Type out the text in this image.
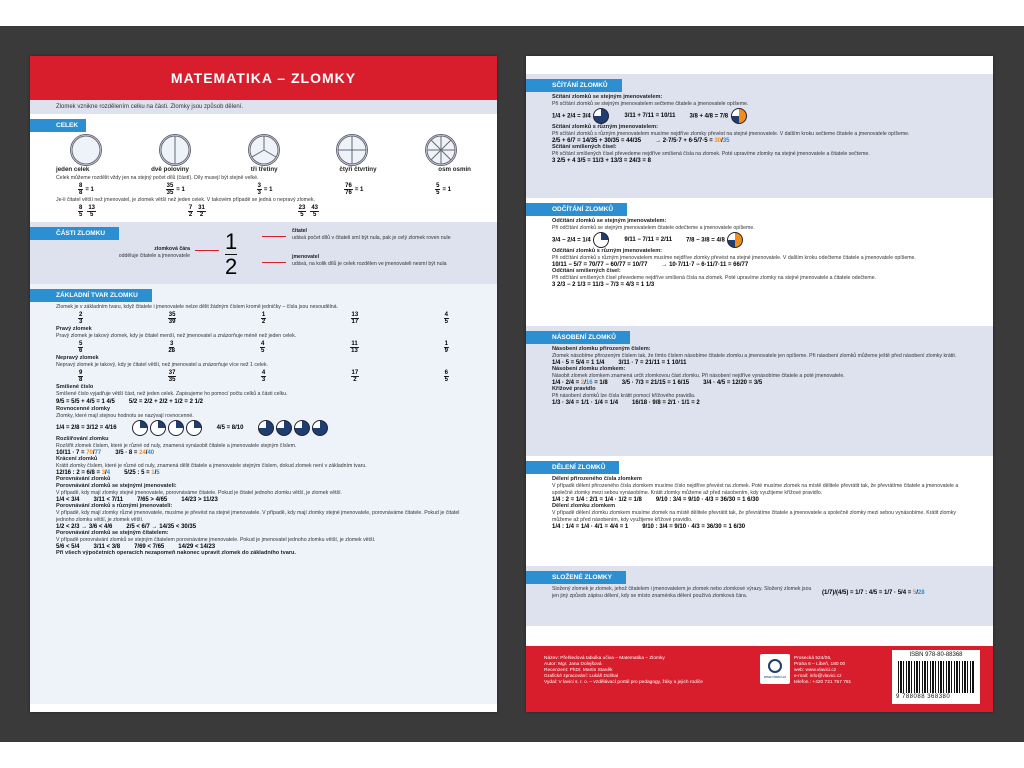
MATEMATIKA – ZLOMKY
Zlomek vznikne rozdělením celku na části. Zlomky jsou způsob dělení.
CELEK
jeden celek	dvě poloviny	tři třetiny	čtyři čtvrtiny	osm osmin
Celek můžeme rozdělit vždy jen na stejný počet dílů (částí). Díly musejí být stejně velké.
$\frac{8}{8} = 1$	$\frac{35}{35} = 1$	$\frac{3}{3} = 1$	$\frac{76}{76} = 1$	$\frac{5}{5} = 1$
Je-li čitatel větší než jmenovatel, je zlomek větší než jeden celek. V takovém případě se jedná o nepravý zlomek.
$\frac{8}{5} \frac{13}{5}$	$\frac{7}{2} \frac{31}{2}$	$\frac{23}{5} \frac{43}{5}$
ČÁSTI ZLOMKU	1
2
zlomková čára
odděluje čitatele a jmenovatele
čitatel
udává počet dílů v čitateli smí být nula, pak je celý zlomek roven nule
jmenovatel
udává, na kolik dílů je celek rozdělen ve jmenovateli nesmí být nula
ZÁKLADNÍ TVAR ZLOMKU
Zlomek je v základním tvaru, když čitatele i jmenovatele nelze dělit žádným číslem kromě jedničky – čísla jsou nesoudělná.
$\frac{2}{3}$	$\frac{35}{39}$	$\frac{1}{2}$	$\frac{13}{17}$	$\frac{4}{5}$
Pravý zlomek
Pravý zlomek je takový zlomek, kdy je čitatel menší, než jmenovatel a znázorňuje méně než jeden celek.
$\frac{5}{6}$	$\frac{3}{28}$	$\frac{4}{5}$	$\frac{11}{13}$	$\frac{1}{9}$
Nepravý zlomek
Nepravý zlomek je takový, kdy je čitatel větší, než jmenovatel a znázorňuje více než 1 celek.
$\frac{9}{8}$	$\frac{37}{35}$	$\frac{4}{3}$	$\frac{17}{2}$	$\frac{6}{5}$
Smíšené číslo
Smíšené číslo vyjadřuje větší část, než jeden celek. Zapisujeme ho pomocí počtu celků a části celku.
9/5 = 5/5 + 4/5 = 1 4/5 5/2 = 2/2 + 2/2 + 1/2 = 2 1/2
Rovnocenné zlomky
Zlomky, které mají stejnou hodnotu se nazývají rovnocenné.
1/4 = 2/8 = 3/12 = 4/16	4/5 = 8/10
Rozšiřování zlomku
Rozšířit zlomek číslem, které je různé od nuly, znamená vynásobit čitatele a jmenovatele stejným číslem.
10/11 · 7 = 70/77 3/5 · 8 = 24/40
Krácení zlomků
Krátit zlomky číslem, které je různé od nuly, znamená dělit čitatele a jmenovatele stejným číslem, dokud zlomek není v základním tvaru.
12/16 : 2 = 6/8 = 3/4 5/25 : 5 = 1/5
Porovnávání zlomků
Porovnávání zlomků se stejnými jmenovateli:
V případě, kdy mají zlomky stejné jmenovatele, porovnáváme čitatele. Pokud je čitatel jednoho zlomku větší, je zlomek větší.
1/4 < 3/4 3/11 < 7/11 7/65 > 4/65 14/23 > 11/23
Porovnávání zlomků s různými jmenovateli:
V případě, kdy mají zlomky různé jmenovatele, musíme je převést na stejné jmenovatele. V případě, kdy mají zlomky stejné jmenovatele, porovnáváme čitatele. Pokud je čitatel jednoho zlomku větší, je zlomek větší.
1/2 < 2/3 → 3/6 < 4/6 2/5 < 6/7 → 14/35 < 30/35
Porovnávání zlomků se stejným čitatelem:
V případě porovnávání zlomků se stejným čitatelem porovnáváme jmenovatele. Pokud je jmenovatel jednoho zlomku větší, je zlomek větší.
5/6 < 5/4 3/11 < 3/8 7/69 < 7/65 14/29 < 14/23
Při všech výpočetních operacích nezapomeň nakonec upravit zlomek do základního tvaru.
SČÍTÁNÍ ZLOMKŮ
Sčítání zlomků se stejným jmenovatelem:
Při sčítání zlomků se stejným jmenovatelem sečteme čitatele a jmenovatele opíšeme.
1/4 + 2/4 = 3/4	3/11 + 7/11 = 10/11 3/8 + 4/8 = 7/8
Sčítání zlomků s různým jmenovatelem:
Při sčítání zlomků s různým jmenovatelem musíme nejdříve zlomky převést na stejné jmenovatele. V dalším kroku sečteme čitatele a jmenovatele opíšeme.
2/5 + 6/7 = 14/35 + 30/35 = 44/35 → 2·7/5·7 + 6·5/7·5 = 30/35
Sčítání smíšených čísel:
Při sčítání smíšených čísel převedeme nejdříve smíšená čísla na zlomek. Poté upravíme zlomky na stejné jmenovatele a čitatele sečteme.
3 2/5 + 4 3/5 = 11/3 + 13/3 = 24/3 = 8
ODČÍTÁNÍ ZLOMKŮ
Odčítání zlomků se stejným jmenovatelem:
Při odčítání zlomků se stejným jmenovatelem čitatele odečteme a jmenovatele opíšeme.
3/4 − 2/4 = 1/4	9/11 − 7/11 = 2/11 7/8 − 3/8 = 4/8
Odčítání zlomků s různým jmenovatelem:
Při odčítání zlomků s různým jmenovatelem musíme nejdříve zlomky převést na stejné jmenovatele. V dalším kroku odečteme čitatele a jmenovatele opíšeme.
10/11 − 5/7 = 70/77 − 60/77 = 10/77 → 10·7/11·7 − 6·11/7·11 = 66/77
Odčítání smíšených čísel:
Při odčítání smíšených čísel převedeme nejdříve smíšená čísla na zlomek. Poté upravíme zlomky na stejné jmenovatele a čitatele odečteme.
3 2/3 − 2 1/3 = 11/3 − 7/3 = 4/3 = 1 1/3
NÁSOBENÍ ZLOMKŮ
Násobení zlomku přirozeným číslem:
Zlomek násobíme přirozeným číslem tak, že tímto číslem násobíme čitatele zlomku a jmenovatele jen opíšeme. Při násobení zlomků můžeme ještě před násobení zlomky krátit.
1/4 · 5 = 5/4 = 1 1/4 3/11 · 7 = 21/11 = 1 10/11
Násobení zlomku zlomkem:
Násobit zlomek zlomkem znamená určit zlomkovou část zlomku. Při násobení nejdříve vynásobíme čitatele a poté jmenovatele.
1/4 · 2/4 = 2/16 = 1/8 3/5 · 7/3 = 21/15 = 1 6/15 3/4 · 4/5 = 12/20 = 3/5
Křížové pravidlo
Při násobení zlomků lze čísla krátit pomocí křížového pravidla.
1/3 · 3/4 = 1/1 · 1/4 = 1/4 16/18 · 9/8 = 2/1 · 1/1 = 2
DĚLENÍ ZLOMKŮ
Dělení přirozeného čísla zlomkem
V případě dělení přirozeného čísla zlomkem musíme číslo nejdříve převést na zlomek. Poté musíme zlomek na místě dělitele převrátit tak, že převrátíme čitatele a jmenovatele a společně zlomky mezi sebou vynásobíme. Krátit zlomky můžeme až před násobením, kdy využijeme křížové pravidlo.
1/4 : 2 = 1/4 : 2/1 = 1/4 · 1/2 = 1/8 9/10 : 3/4 = 9/10 · 4/3 = 36/30 = 1 6/30
Dělení zlomku zlomkem
V případě dělení zlomku zlomkem musíme zlomek na místě dělitele převrátit tak, že převrátíme čitatele a jmenovatele a společně zlomky mezi sebou vynásobíme. Krátit zlomky můžeme až před násobením, kdy využijeme křížové pravidlo.
1/4 : 1/4 = 1/4 · 4/1 = 4/4 = 1 9/10 : 3/4 = 9/10 · 4/3 = 36/30 = 1 6/30
SLOŽENÉ ZLOMKY
Složený zlomek je zlomek, jehož čitatelem i jmenovatelem je zlomek nebo zlomkové výrazy. Složený zlomek jsou jen jiný způsob zápisu dělení, kdy se místo znaménka dělení používá zlomková čára.	(1/7)/(4/5) = 1/7 : 4/5 = 1/7 · 5/4 = 5/28
Název: Přehledová tabulka učiva – Matematika – Zlomky
Autor: Mgr. Jana Dolejšová
Recenzent: PhDr. Martin Staněk
Grafické zpracování: Lukáš Dolihal
Vydal: V lavici s. r. o. – vzdělávací portál pro pedagogy, žáky a jejich rodiče
www.vlavici.cz
Prosecká 524/26,
Praha 6 – Libeň, 180 00
web: www.vlavici.cz
e-mail: info@vlavici.cz
telefon.: +420 721 757 781
ISBN 978-80-88368
9 788088 368380
